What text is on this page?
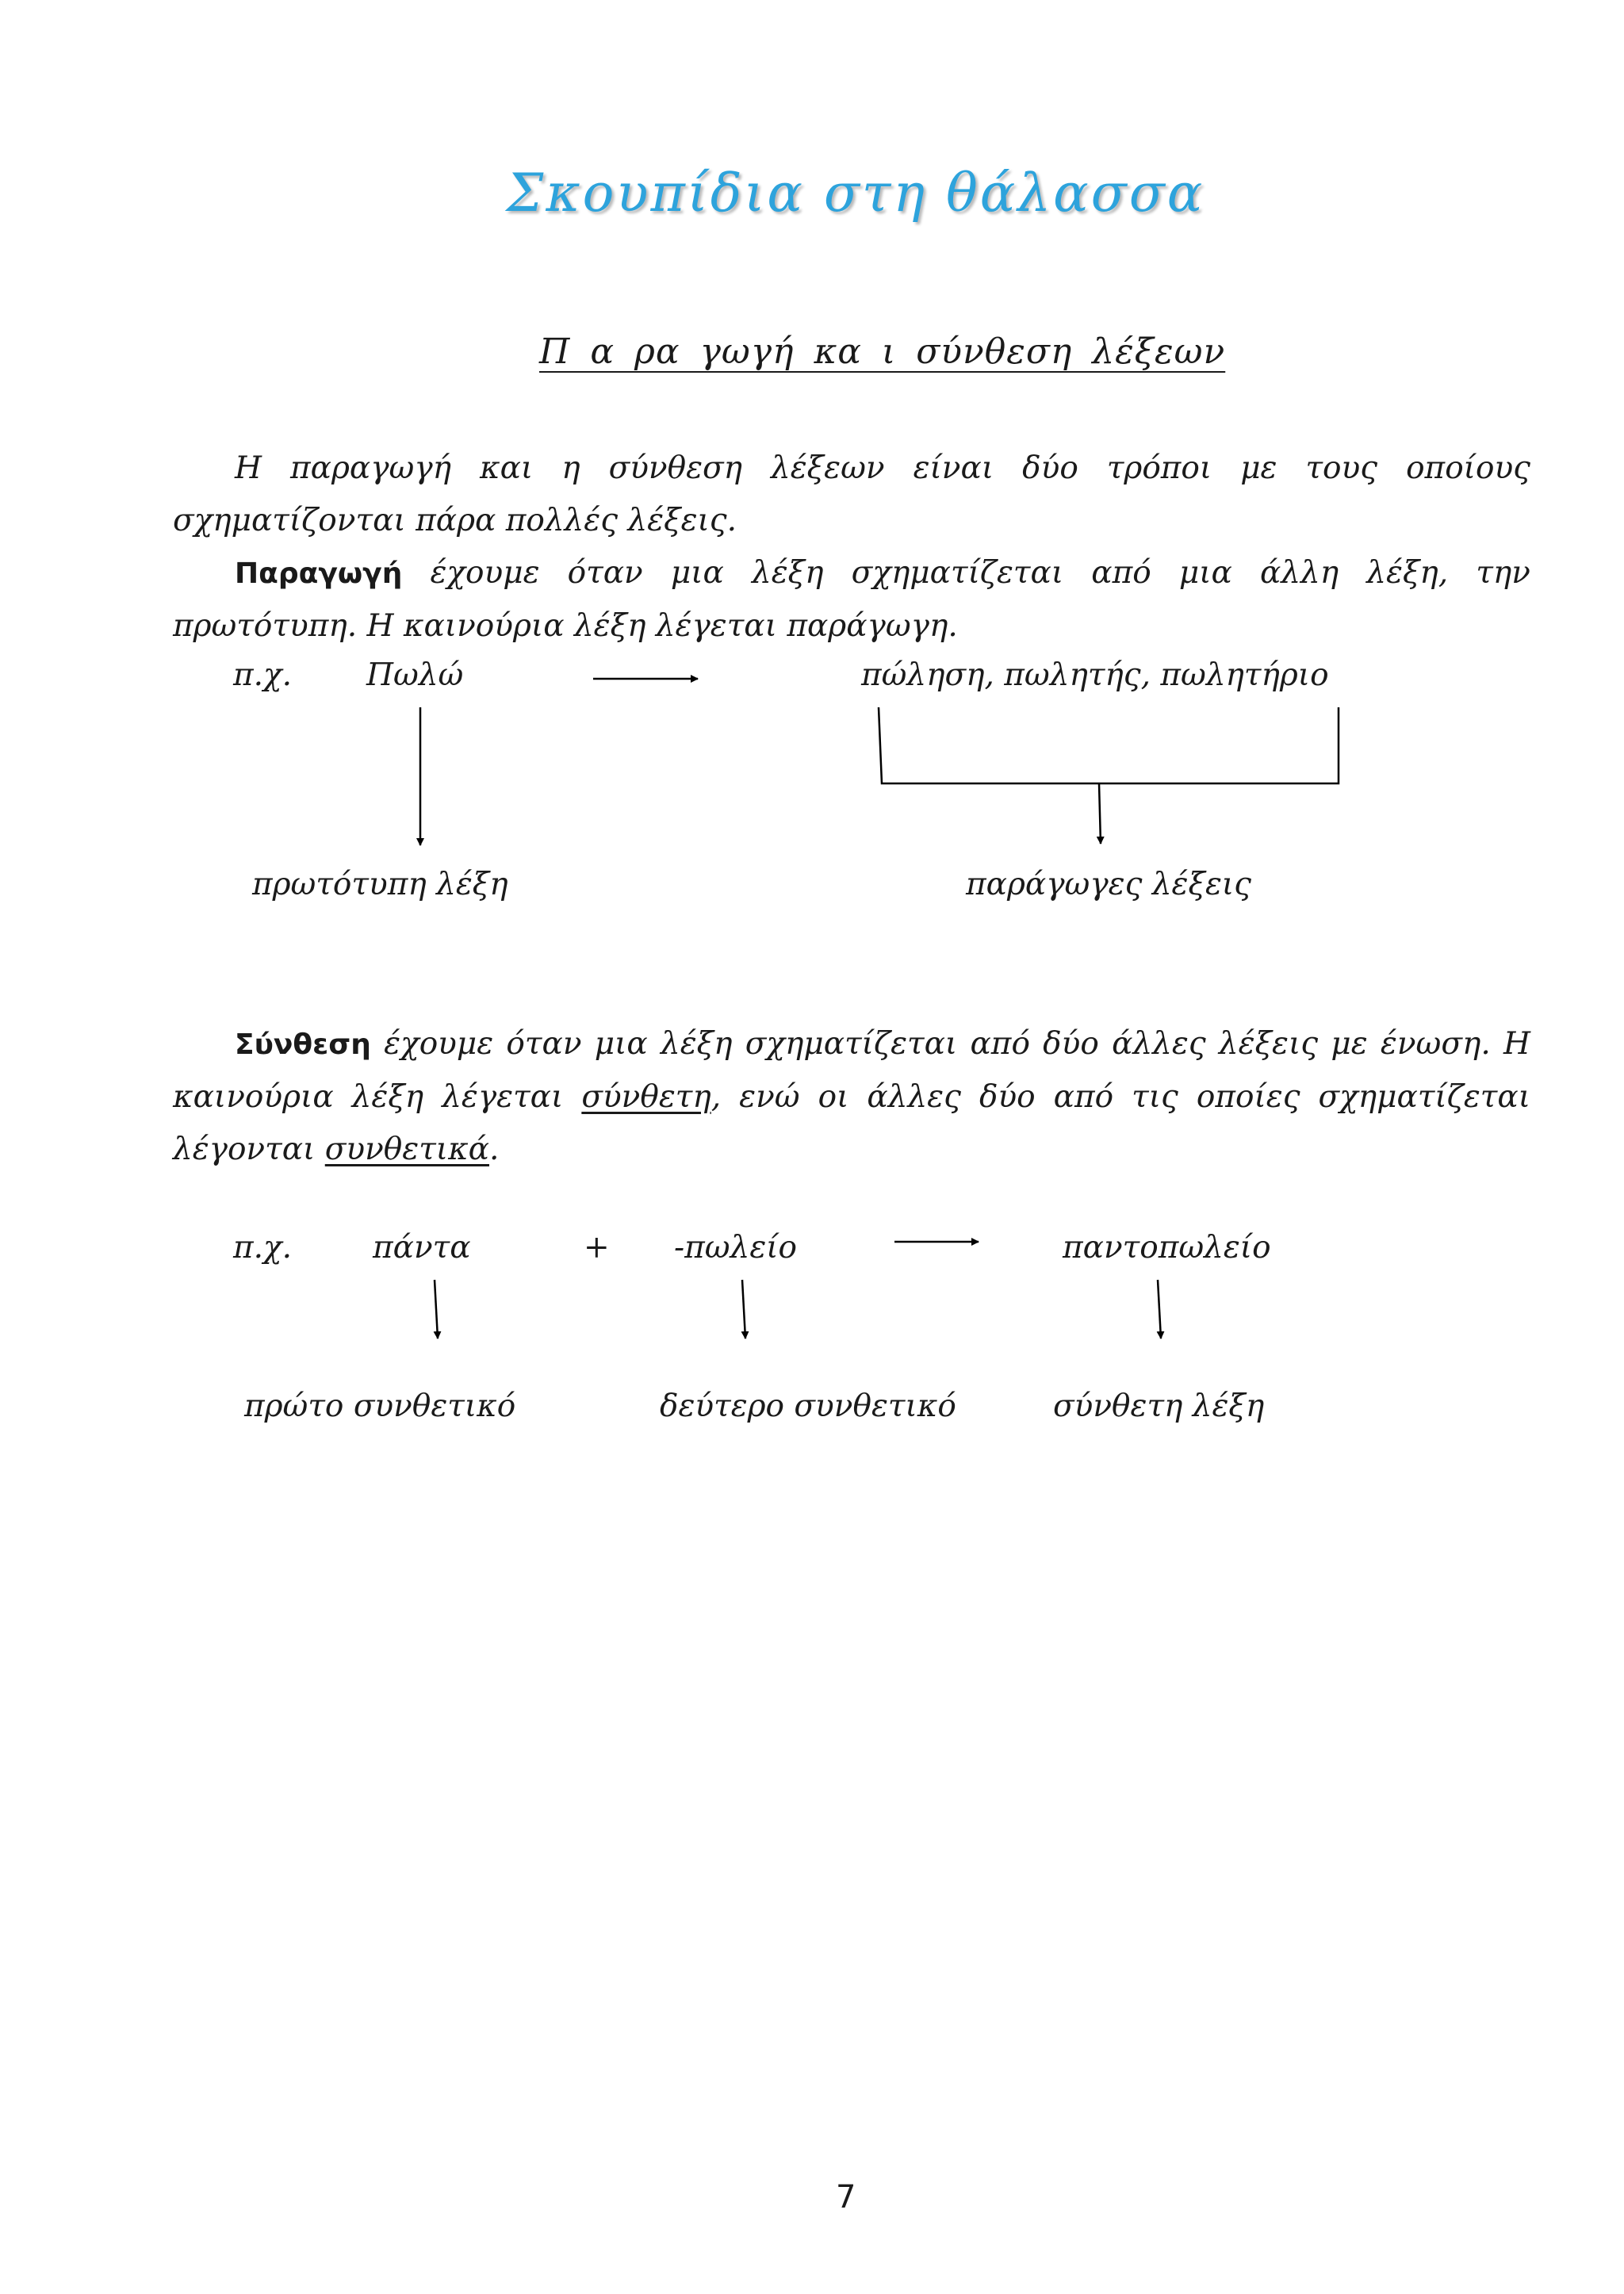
Σκουπίδια στη θάλασσα
Π α ρα γωγή κα ι σύνθεση λέξεων
Η παραγωγή και η σύνθεση λέξεων είναι δύο τρόποι με τους οποίους σχηματίζονται πάρα πολλές λέξεις.
Παραγωγή έχουμε όταν μια λέξη σχηματίζεται από μια άλλη λέξη, την πρωτότυπη. Η καινούρια λέξη λέγεται παράγωγη.
π.χ. Πωλώ	πώληση, πωλητής, πωλητήριο
πρωτότυπη λέξη	παράγωγες λέξεις
Σύνθεση έχουμε όταν μια λέξη σχηματίζεται από δύο άλλες λέξεις με ένωση. Η καινούρια λέξη λέγεται σύνθετη, ενώ οι άλλες δύο από τις οποίες σχηματίζεται λέγονται συνθετικά.
π.χ.	πάντα	+ -πωλείο	παντοπωλείο
πρώτο συνθετικό	δεύτερο συνθετικό	σύνθετη λέξη
7
